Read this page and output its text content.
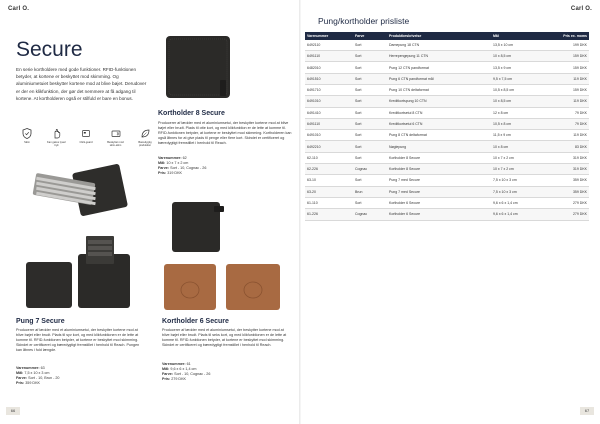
Carl O.
Secure
En serie kortholdere med gode funktioner. RFID-funktionen betyder, at kortene er beskyttet mod skimming. Og aluminiumetuiet beskytter kortene mod at blive bøjet. Derudover er der en klikfunktion, der gør det nemmere at få adgang til kortene. At kortholderen også er stilfuld er bare en bonus.
Skim	Kan gøres tyveri tryk
Click-guard	Beskyttet mod skim-skim
Bæredygtig produktion
Kortholder 8 Secure
Producerer af lædder med et aluminiumsetui, der beskytter kortene mod at blive bøjet eller brudt. Plads til otte kort, og med klikfunktion er de lette at komme til. RFID-funktionen betyder, at kortene er beskyttet mod skimming. Kortholderen kan også åbnes for at give plads til penge eller flere kort. Skindet er certificeret og bæredygtigt fremstillet i henhold til Reach.
Varenummer: 62
Mål: 10 x 7 x 2 cm
Farve: Sort - 10, Cognac - 26
Pris: 319 DKK
Pung 7 Secure
Producerer af lædder med et aluminiumsetui, der beskytter kortene mod at blive bøjet eller brudt. Plads til syv kort, og med klikfunktionen er de lette at komme til. RFID-funktionen betyder, at kortene er beskyttet mod skimming. Skindet er certificeret og bæredygtigt fremstillet i henhold til Reach. Pungen kan åbnes i fuld længde.
Varenummer: 63
Mål: 7,5 x 10 x 3 cm
Farve: Sort - 10, Brun - 20
Pris: 359 DKK
Kortholder 6 Secure
Producerer af lædder med et aluminiumsetui, der beskytter kortene mod at blive bøjet eller brudt. Plads til seks kort, og med klikfunktionen er de lette at komme til. RFID-funktionen betyder, at kortene er beskyttet mod skimming. Skindet er certificeret og bæredygtigt fremstillet i henhold til Reach.
Varenummer: 61
Mål: 9,6 x 6 x 1,4 cm
Farve: Sort - 10, Cognac - 26
Pris: 279 DKK
66
Carl O.
Pung/kortholder prisliste
Varenummer	Farve	Produktbeskrivelse	Mål	Pris ex. moms
6492110	Sort	Damepung 18 CTN	13,5 x 10 cm	199 DKK
6491110	Sort	Herrepengepung 11 CTN	10 x 8,5 cm	159 DKK
6482010	Sort	Pung 12 CTN pandformat	13,5 x 9 cm	159 DKK
6491510	Sort	Pung 6 CTN pandformat mål	9,5 x 7,5 cm	119 DKK
6491710	Sort	Pung 10 CTN deltaformat	10,5 x 8,5 cm	159 DKK
6491010	Sort	Kreditkortspung 10 CTN	10 x 8,5 cm	119 DKK
6491410	Sort	Kreditkortsetui 8 CTN	12 x 8 cm	79 DKK
6491110	Sort	Kreditkortsetui 6 CTN	10,5 x 8 cm	79 DKK
6491010	Sort	Pung 8 CTN deltaformat	11,5 x 9 cm	119 DKK
6492210	Sort	Nøglepung	10 x 8 cm	83 DKK
62-110	Sort	Kortholder 8 Secure	10 x 7 x 2 cm	319 DKK
62-226	Cognac	Kortholder 8 Secure	10 x 7 x 2 cm	319 DKK
63-10	Sort	Pung 7 med Secure	7,5 x 10 x 3 cm	359 DKK
63-20	Brun	Pung 7 med Secure	7,5 x 10 x 3 cm	359 DKK
61-110	Sort	Kortholder 6 Secure	9,6 x 6 x 1,4 cm	279 DKK
61-226	Cognac	Kortholder 6 Secure	9,6 x 6 x 1,4 cm	279 DKK
67
